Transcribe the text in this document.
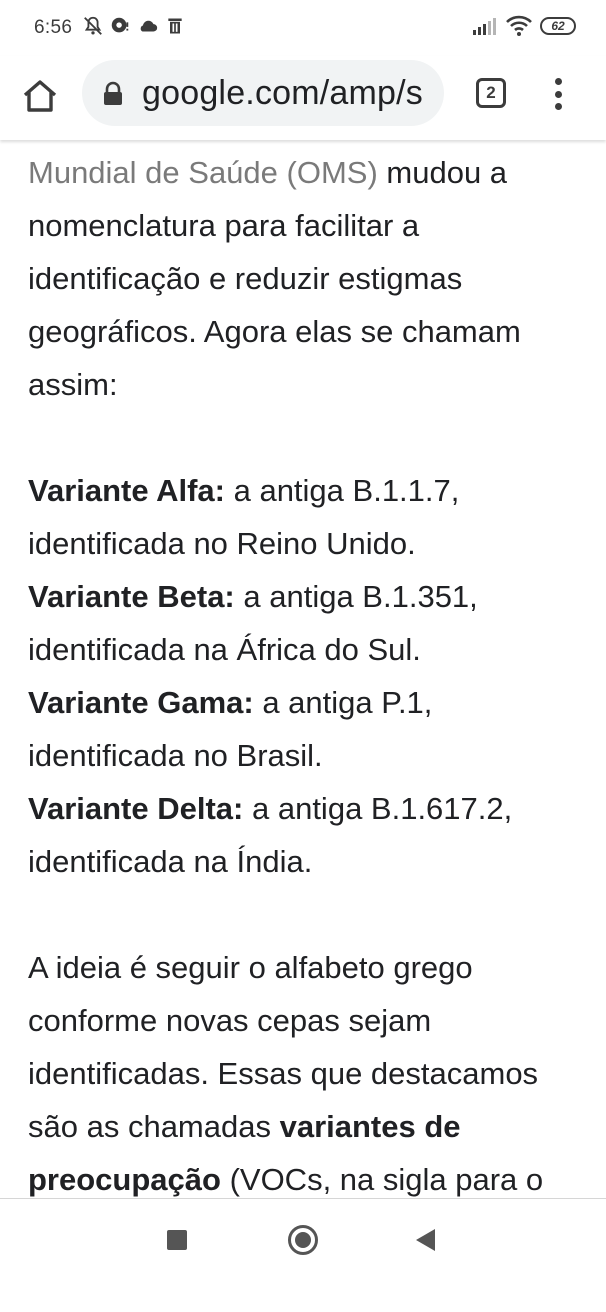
6:56	62
google.com/amp/s	2

Mundial de Saúde (OMS) mudou a nomenclatura para facilitar a identificação e reduzir estigmas geográficos. Agora elas se chamam assim:

Variante Alfa: a antiga B.1.1.7, identificada no Reino Unido.
Variante Beta: a antiga B.1.351, identificada na África do Sul.
Variante Gama: a antiga P.1, identificada no Brasil.
Variante Delta: a antiga B.1.617.2, identificada na Índia.

A ideia é seguir o alfabeto grego conforme novas cepas sejam identificadas. Essas que destacamos são as chamadas variantes de preocupação (VOCs, na sigla para o
